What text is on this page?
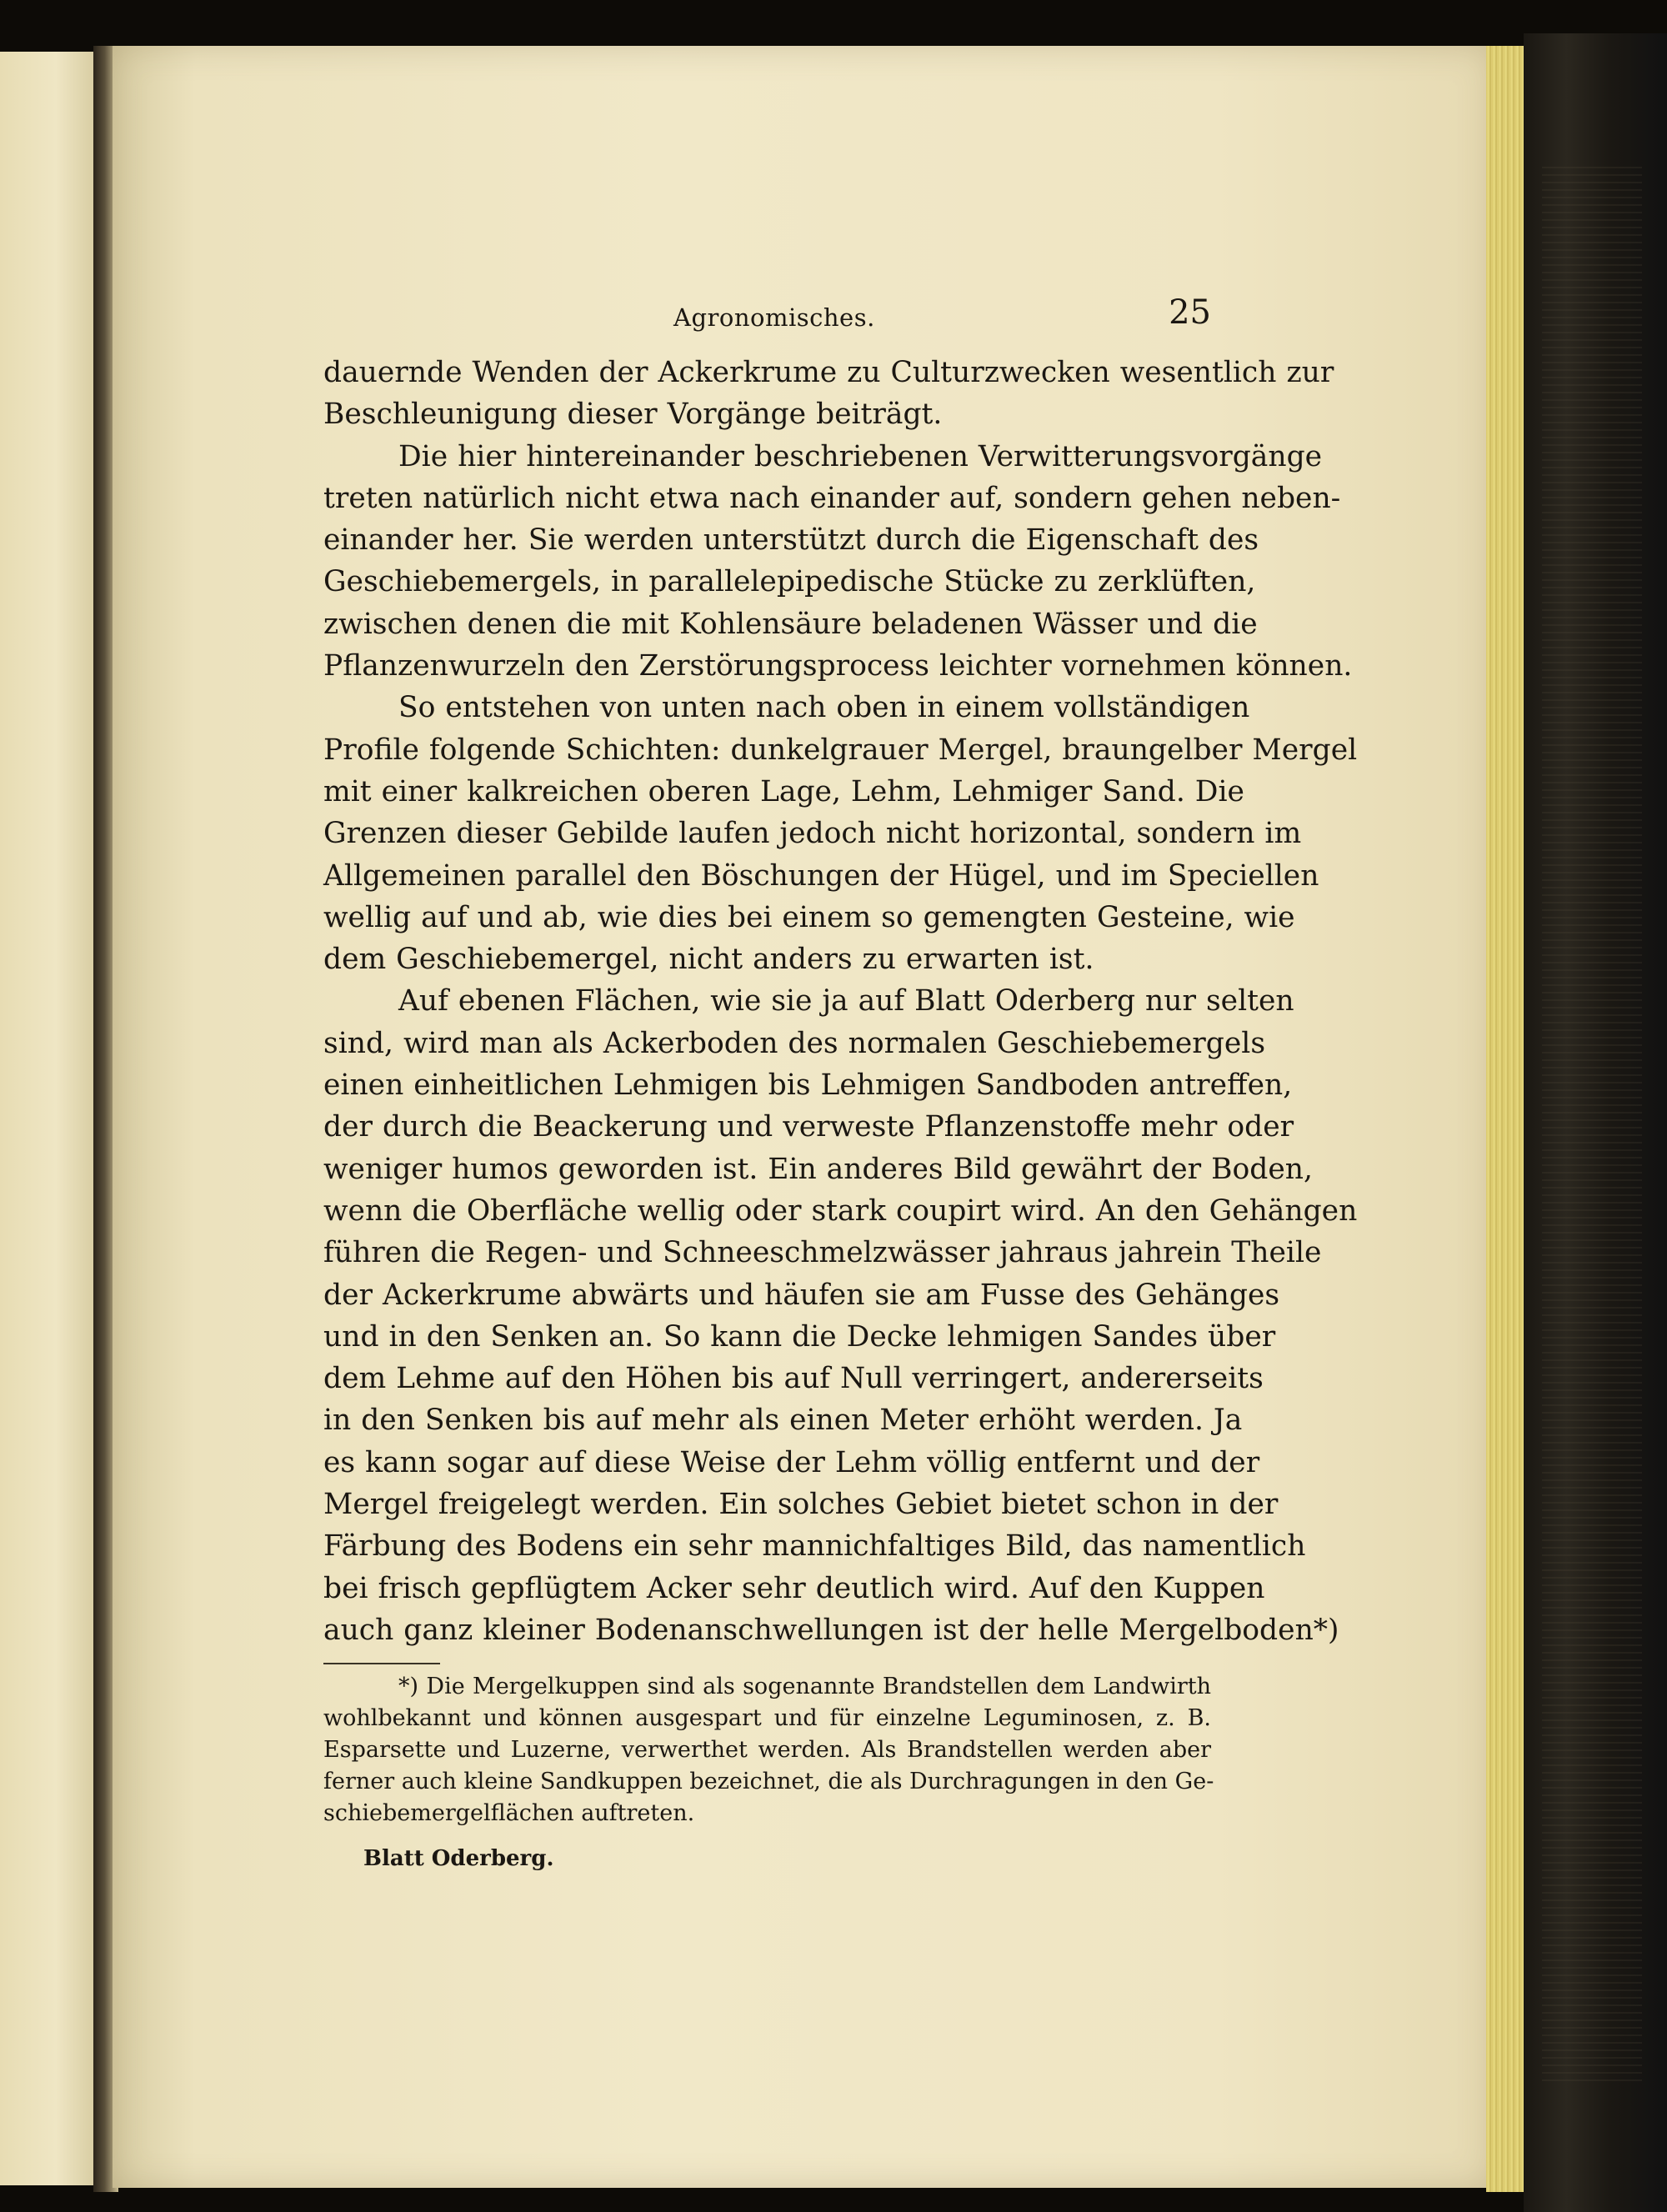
Agronomisches.	25
dauernde Wenden der Ackerkrume zu Culturzwecken wesentlich zur
Beschleunigung dieser Vorgänge beiträgt.
Die hier hintereinander beschriebenen Verwitterungsvorgänge
treten natürlich nicht etwa nach einander auf, sondern gehen neben-
einander her. Sie werden unterstützt durch die Eigenschaft des
Geschiebemergels, in parallelepipedische Stücke zu zerklüften,
zwischen denen die mit Kohlensäure beladenen Wässer und die
Pflanzenwurzeln den Zerstörungsprocess leichter vornehmen können.
So entstehen von unten nach oben in einem vollständigen
Profile folgende Schichten: dunkelgrauer Mergel, braungelber Mergel
mit einer kalkreichen oberen Lage, Lehm, Lehmiger Sand. Die
Grenzen dieser Gebilde laufen jedoch nicht horizontal, sondern im
Allgemeinen parallel den Böschungen der Hügel, und im Speciellen
wellig auf und ab, wie dies bei einem so gemengten Gesteine, wie
dem Geschiebemergel, nicht anders zu erwarten ist.
Auf ebenen Flächen, wie sie ja auf Blatt Oderberg nur selten
sind, wird man als Ackerboden des normalen Geschiebemergels
einen einheitlichen Lehmigen bis Lehmigen Sandboden antreffen,
der durch die Beackerung und verweste Pflanzenstoffe mehr oder
weniger humos geworden ist. Ein anderes Bild gewährt der Boden,
wenn die Oberfläche wellig oder stark coupirt wird. An den Gehängen
führen die Regen- und Schneeschmelzwässer jahraus jahrein Theile
der Ackerkrume abwärts und häufen sie am Fusse des Gehänges
und in den Senken an. So kann die Decke lehmigen Sandes über
dem Lehme auf den Höhen bis auf Null verringert, andererseits
in den Senken bis auf mehr als einen Meter erhöht werden. Ja
es kann sogar auf diese Weise der Lehm völlig entfernt und der
Mergel freigelegt werden. Ein solches Gebiet bietet schon in der
Färbung des Bodens ein sehr mannichfaltiges Bild, das namentlich
bei frisch gepflügtem Acker sehr deutlich wird. Auf den Kuppen
auch ganz kleiner Bodenanschwellungen ist der helle Mergelboden*)
*) Die Mergelkuppen sind als sogenannte Brandstellen dem Landwirth
wohlbekannt und können ausgespart und für einzelne Leguminosen, z. B.
Esparsette und Luzerne, verwerthet werden. Als Brandstellen werden aber
ferner auch kleine Sandkuppen bezeichnet, die als Durchragungen in den Ge-
schiebemergelflächen auftreten.
Blatt Oderberg.
